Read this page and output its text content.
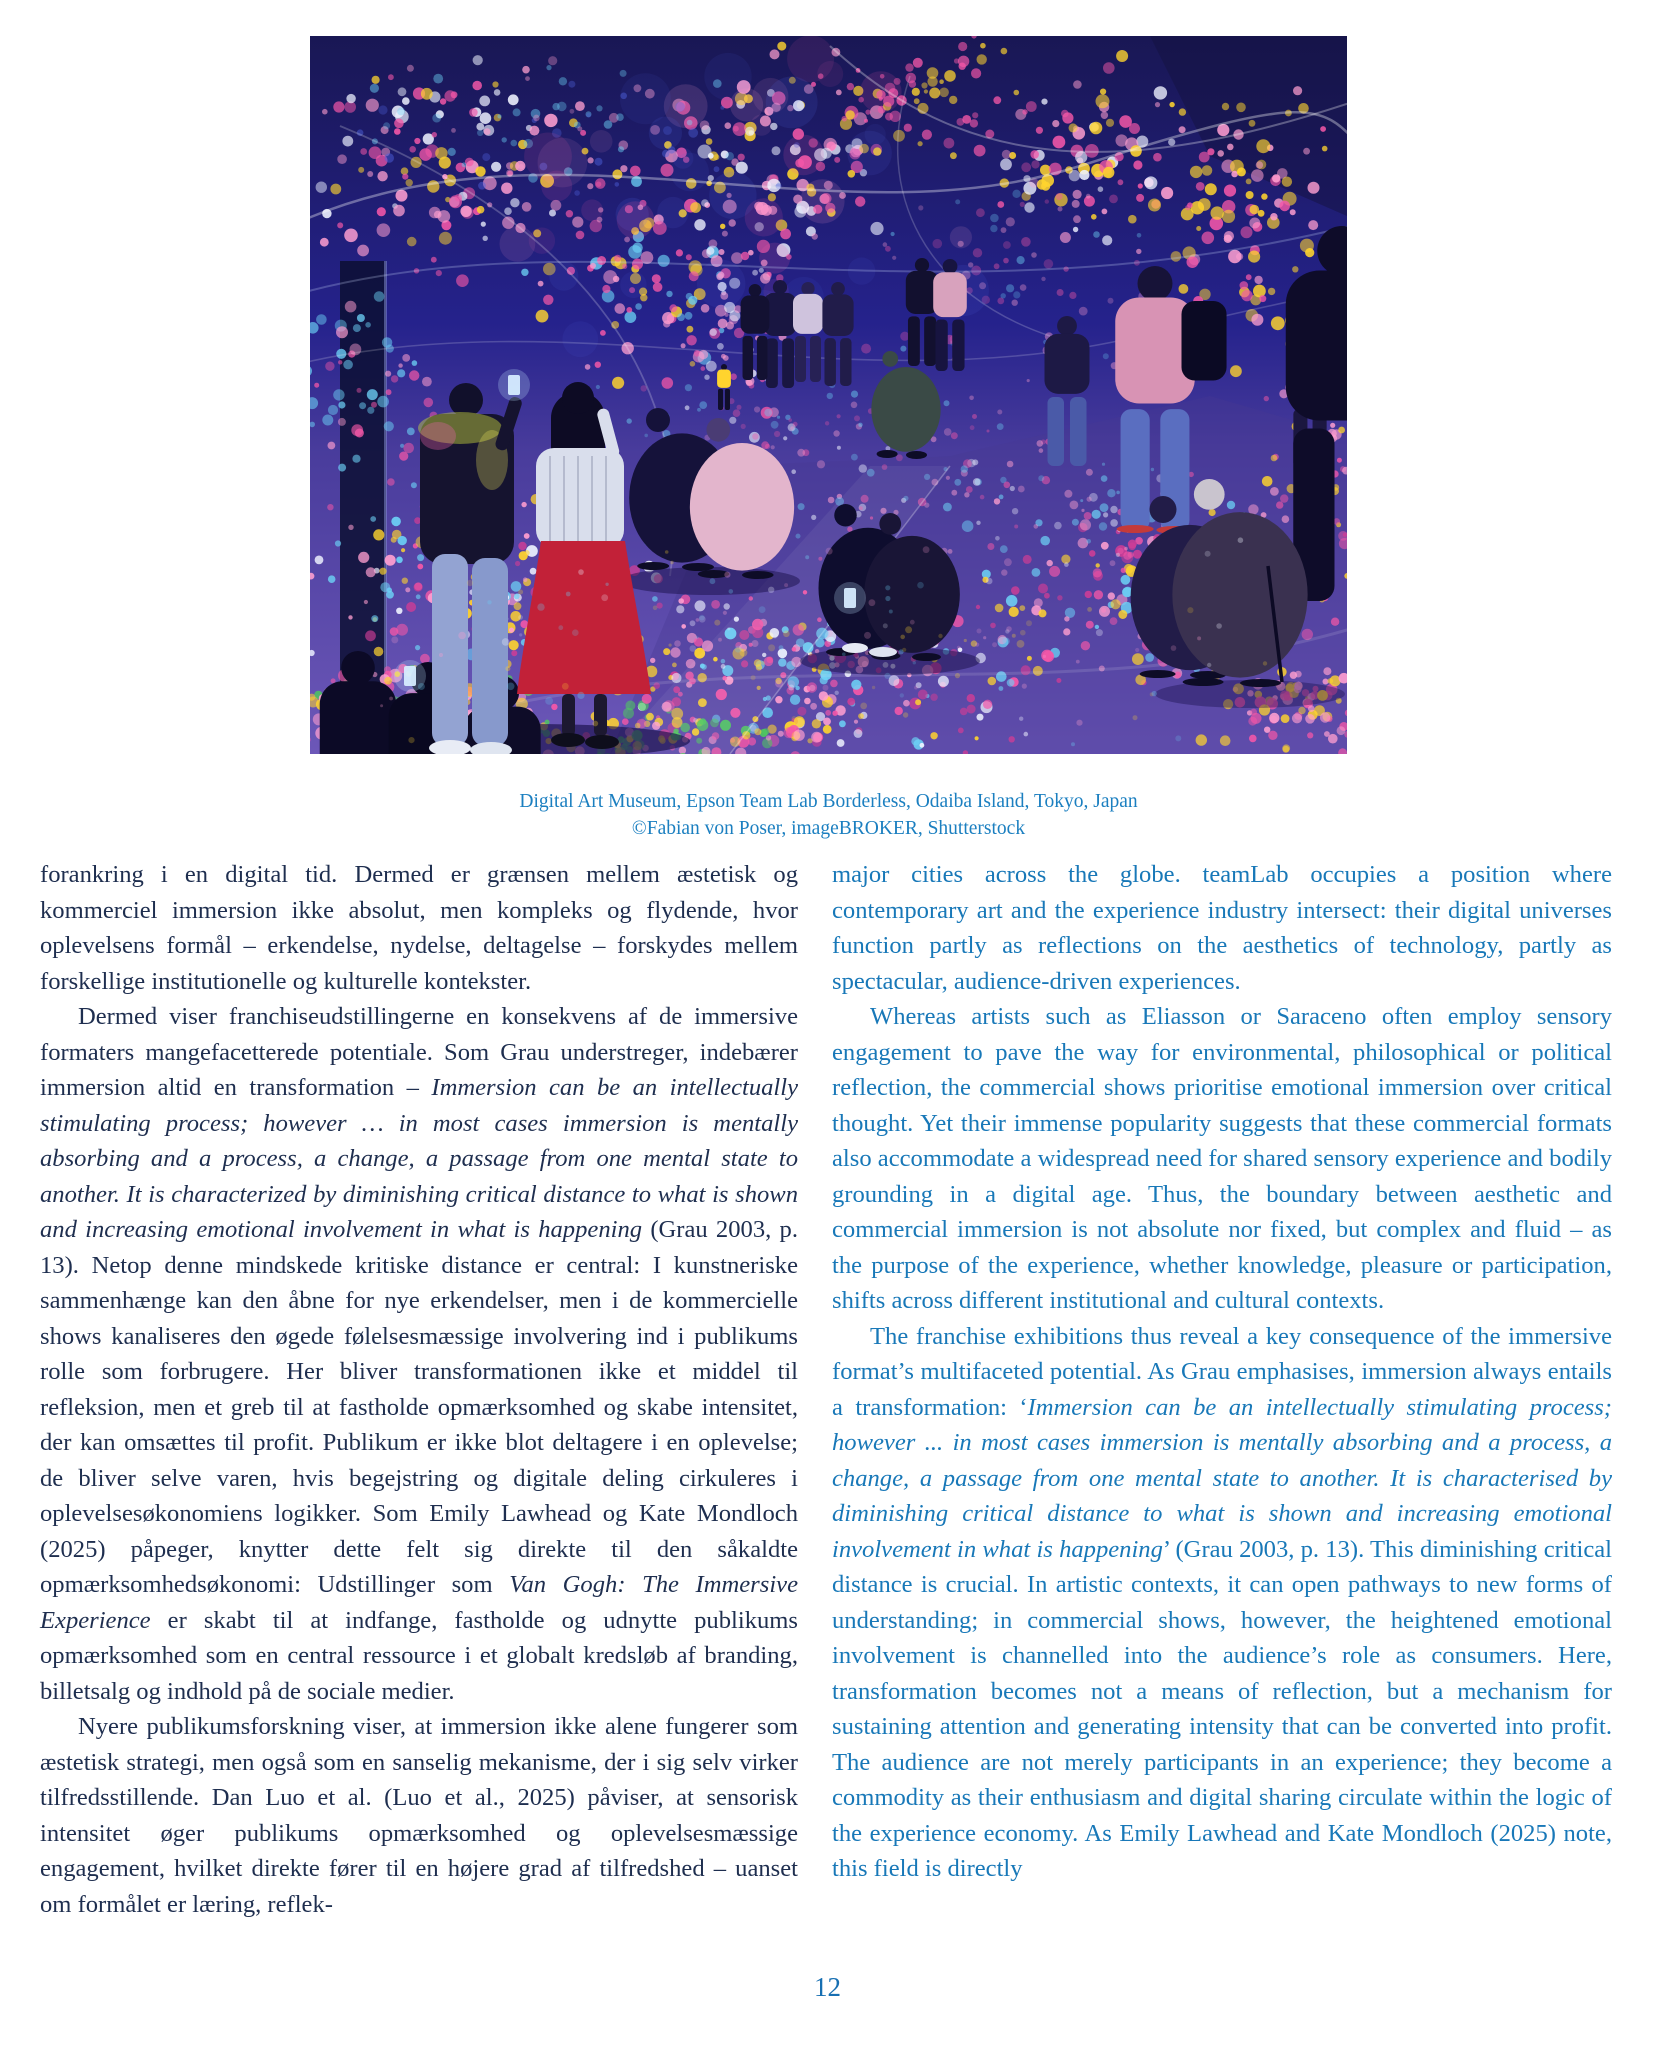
Digital Art Museum, Epson Team Lab Borderless, Odaiba Island, Tokyo, Japan
©Fabian von Poser, imageBROKER, Shutterstock

forankring i en digital tid. Dermed er grænsen mellem æstetisk og kommerciel immersion ikke absolut, men kompleks og flydende, hvor oplevelsens formål – erkendelse, nydelse, deltagelse – forskydes mellem forskellige institutionelle og kulturelle kontekster.

Dermed viser franchiseudstillingerne en konsekvens af de immersive formaters mangefacetterede potentiale. Som Grau understreger, indebærer immersion altid en transformation – Immersion can be an intellectually stimulating process; however … in most cases immersion is mentally absorbing and a process, a change, a passage from one mental state to another. It is characterized by diminishing critical distance to what is shown and increasing emotional involvement in what is happening (Grau 2003, p. 13). Netop denne mindskede kritiske distance er central: I kunstneriske sammenhænge kan den åbne for nye erkendelser, men i de kommercielle shows kanaliseres den øgede følelsesmæssige involvering ind i publikums rolle som forbrugere. Her bliver transformationen ikke et middel til refleksion, men et greb til at fastholde opmærksomhed og skabe intensitet, der kan omsættes til profit. Publikum er ikke blot deltagere i en oplevelse; de bliver selve varen, hvis begejstring og digitale deling cirkuleres i oplevelsesøkonomiens logikker. Som Emily Lawhead og Kate Mondloch (2025) påpeger, knytter dette felt sig direkte til den såkaldte opmærksomhedsøkonomi: Udstillinger som Van Gogh: The Immersive Experience er skabt til at indfange, fastholde og udnytte publikums opmærksomhed som en central ressource i et globalt kredsløb af branding, billetsalg og indhold på de sociale medier.

Nyere publikumsforskning viser, at immersion ikke alene fungerer som æstetisk strategi, men også som en sanselig mekanisme, der i sig selv virker tilfredsstillende. Dan Luo et al. (Luo et al., 2025) påviser, at sensorisk intensitet øger publikums opmærksomhed og oplevelsesmæssige engagement, hvilket direkte fører til en højere grad af tilfredshed – uanset om formålet er læring, reflek-

major cities across the globe. teamLab occupies a position where contemporary art and the experience industry intersect: their digital universes function partly as reflections on the aesthetics of technology, partly as spectacular, audience-driven experiences.

Whereas artists such as Eliasson or Saraceno often employ sensory engagement to pave the way for environmental, philosophical or political reflection, the commercial shows prioritise emotional immersion over critical thought. Yet their immense popularity suggests that these commercial formats also accommodate a widespread need for shared sensory experience and bodily grounding in a digital age. Thus, the boundary between aesthetic and commercial immersion is not absolute nor fixed, but complex and fluid – as the purpose of the experience, whether knowledge, pleasure or participation, shifts across different institutional and cultural contexts.

The franchise exhibitions thus reveal a key consequence of the immersive format’s multifaceted potential. As Grau emphasises, immersion always entails a transformation: ‘Immersion can be an intellectually stimulating process; however ... in most cases immersion is mentally absorbing and a process, a change, a passage from one mental state to another. It is characterised by diminishing critical distance to what is shown and increasing emotional involvement in what is happening’ (Grau 2003, p. 13). This diminishing critical distance is crucial. In artistic contexts, it can open pathways to new forms of understanding; in commercial shows, however, the heightened emotional involvement is channelled into the audience’s role as consumers. Here, transformation becomes not a means of reflection, but a mechanism for sustaining attention and generating intensity that can be converted into profit. The audience are not merely participants in an experience; they become a commodity as their enthusiasm and digital sharing circulate within the logic of the experience economy. As Emily Lawhead and Kate Mondloch (2025) note, this field is directly

12
